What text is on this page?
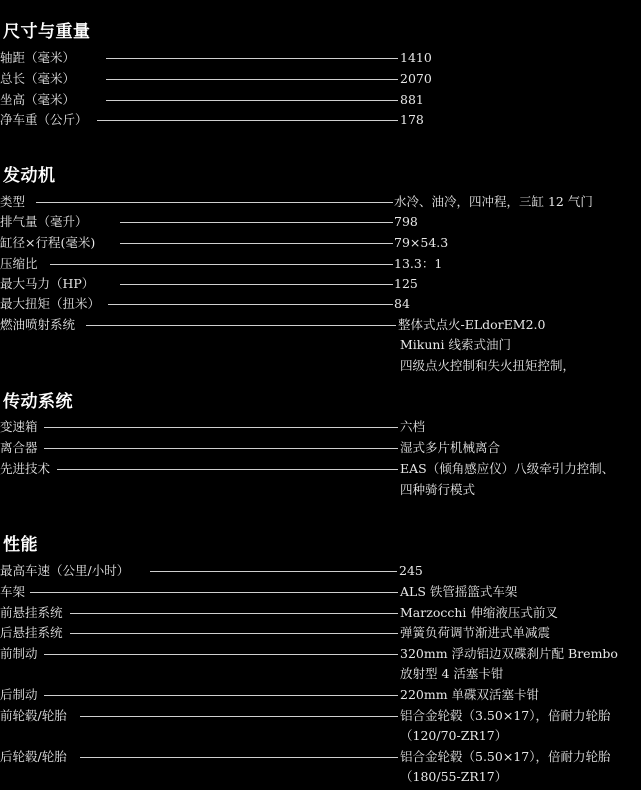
尺寸与重量
轴距（毫米）	1410
总长（毫米）	2070
坐高（毫米）	881
净车重（公斤）	178
发动机
类型	水冷、油冷，四冲程，三缸 12 气门
排气量（毫升）	798
缸径×行程(毫米)	79×54.3
压缩比	13.3：1
最大马力（HP）	125
最大扭矩（扭米）	84
燃油喷射系统	整体式点火-ELdorEM2.0
Mikuni 线索式油门
四级点火控制和失火扭矩控制，
传动系统
变速箱	六档
离合器	湿式多片机械离合
先进技术	EAS（倾角感应仪）八级牵引力控制、
四种骑行模式
性能
最高车速（公里/小时）	245
车架	ALS 铁管摇篮式车架
前悬挂系统	Marzocchi 伸缩液压式前叉
后悬挂系统	弹簧负荷调节渐进式单减震
前制动	320mm 浮动铝边双碟刹片配 Brembo
放射型 4 活塞卡钳
后制动	220mm 单碟双活塞卡钳
前轮毂/轮胎	铝合金轮毂（3.50×17），倍耐力轮胎
（120/70-ZR17）
后轮毂/轮胎	铝合金轮毂（5.50×17），倍耐力轮胎
（180/55-ZR17）
